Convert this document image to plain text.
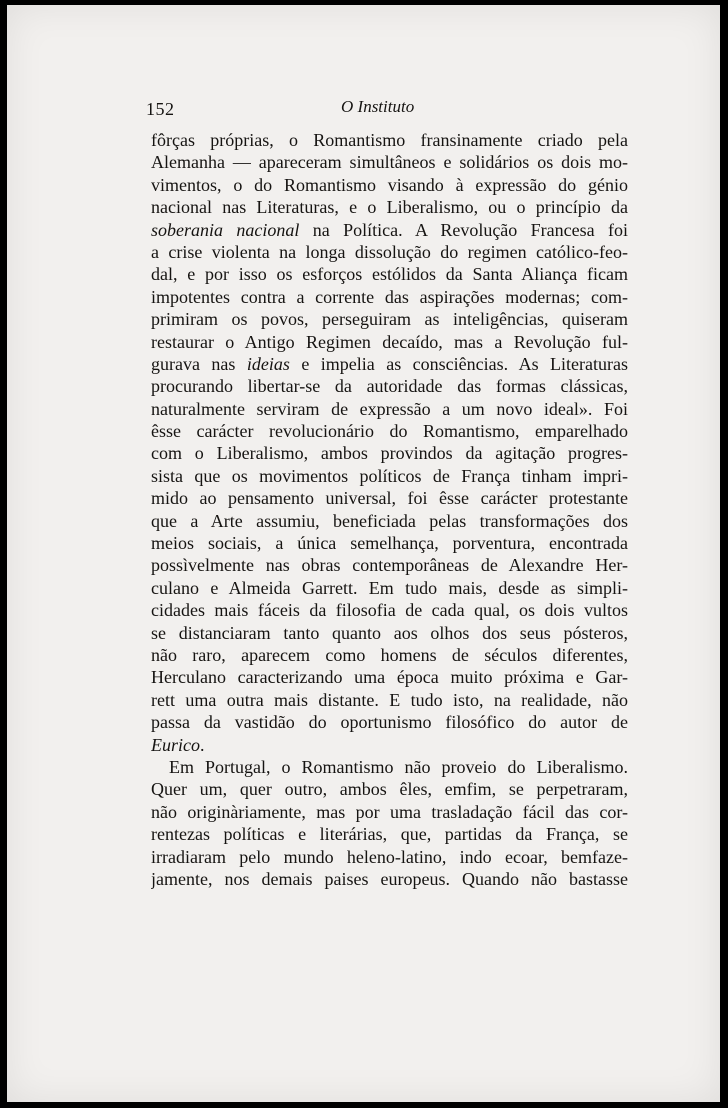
152	O Instituto
fôrças próprias, o Romantismo fransinamente criado pela
Alemanha — apareceram simultâneos e solidários os dois mo-
vimentos, o do Romantismo visando à expressão do génio
nacional nas Literaturas, e o Liberalismo, ou o princípio da
soberania nacional na Política. A Revolução Francesa foi
a crise violenta na longa dissolução do regimen católico-feo-
dal, e por isso os esforços estólidos da Santa Aliança ficam
impotentes contra a corrente das aspirações modernas; com-
primiram os povos, perseguiram as inteligências, quiseram
restaurar o Antigo Regimen decaído, mas a Revolução ful-
gurava nas ideias e impelia as consciências. As Literaturas
procurando libertar-se da autoridade das formas clássicas,
naturalmente serviram de expressão a um novo ideal». Foi
êsse carácter revolucionário do Romantismo, emparelhado
com o Liberalismo, ambos provindos da agitação progres-
sista que os movimentos políticos de França tinham impri-
mido ao pensamento universal, foi êsse carácter protestante
que a Arte assumiu, beneficiada pelas transformações dos
meios sociais, a única semelhança, porventura, encontrada
possìvelmente nas obras contemporâneas de Alexandre Her-
culano e Almeida Garrett. Em tudo mais, desde as simpli-
cidades mais fáceis da filosofia de cada qual, os dois vultos
se distanciaram tanto quanto aos olhos dos seus pósteros,
não raro, aparecem como homens de séculos diferentes,
Herculano caracterizando uma época muito próxima e Gar-
rett uma outra mais distante. E tudo isto, na realidade, não
passa da vastidão do oportunismo filosófico do autor de
Eurico.
Em Portugal, o Romantismo não proveio do Liberalismo.
Quer um, quer outro, ambos êles, emfim, se perpetraram,
não originàriamente, mas por uma trasladação fácil das cor-
rentezas políticas e literárias, que, partidas da França, se
irradiaram pelo mundo heleno-latino, indo ecoar, bemfaze-
jamente, nos demais paises europeus. Quando não bastasse
